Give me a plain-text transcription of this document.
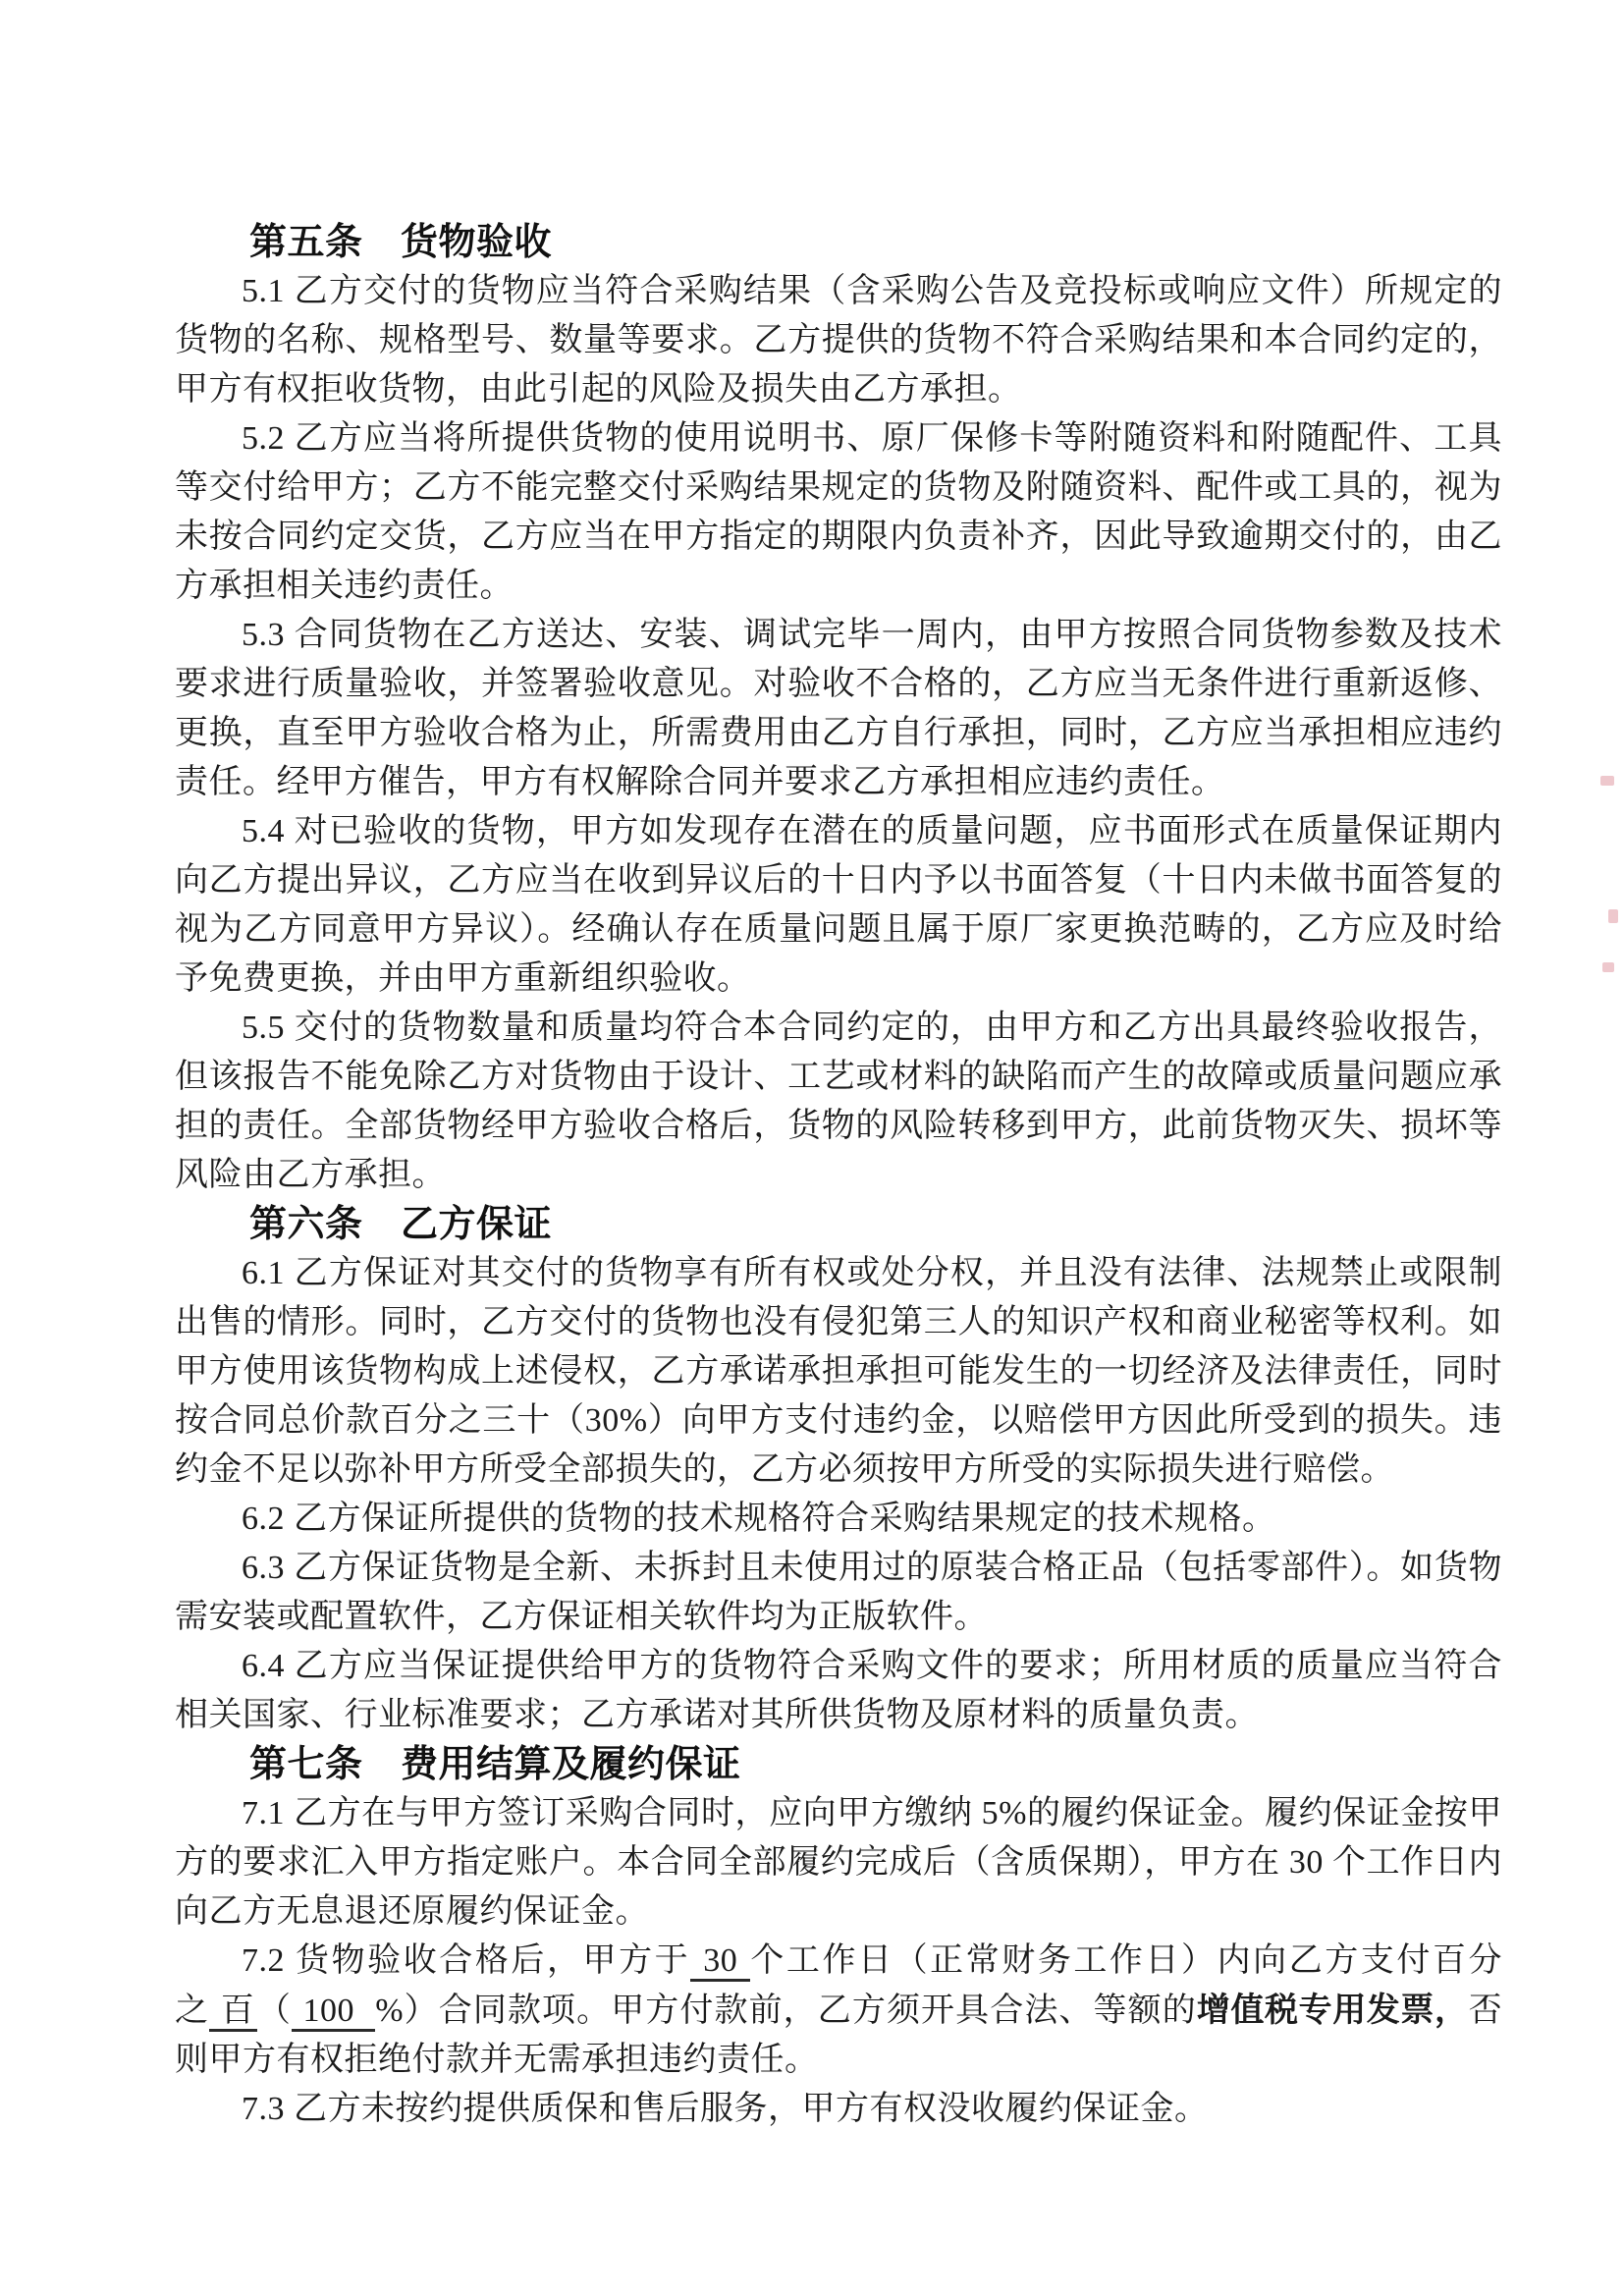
第五条　货物验收

5.1 乙方交付的货物应当符合采购结果（含采购公告及竞投标或响应文件）所规定的货物的名称、规格型号、数量等要求。乙方提供的货物不符合采购结果和本合同约定的，甲方有权拒收货物，由此引起的风险及损失由乙方承担。

5.2 乙方应当将所提供货物的使用说明书、原厂保修卡等附随资料和附随配件、工具等交付给甲方；乙方不能完整交付采购结果规定的货物及附随资料、配件或工具的，视为未按合同约定交货，乙方应当在甲方指定的期限内负责补齐，因此导致逾期交付的，由乙方承担相关违约责任。

5.3 合同货物在乙方送达、安装、调试完毕一周内，由甲方按照合同货物参数及技术要求进行质量验收，并签署验收意见。对验收不合格的，乙方应当无条件进行重新返修、更换，直至甲方验收合格为止，所需费用由乙方自行承担，同时，乙方应当承担相应违约责任。经甲方催告，甲方有权解除合同并要求乙方承担相应违约责任。

5.4 对已验收的货物，甲方如发现存在潜在的质量问题，应书面形式在质量保证期内向乙方提出异议，乙方应当在收到异议后的十日内予以书面答复（十日内未做书面答复的视为乙方同意甲方异议）。经确认存在质量问题且属于原厂家更换范畴的，乙方应及时给予免费更换，并由甲方重新组织验收。

5.5 交付的货物数量和质量均符合本合同约定的，由甲方和乙方出具最终验收报告，但该报告不能免除乙方对货物由于设计、工艺或材料的缺陷而产生的故障或质量问题应承担的责任。全部货物经甲方验收合格后，货物的风险转移到甲方，此前货物灭失、损坏等风险由乙方承担。

第六条　乙方保证

6.1 乙方保证对其交付的货物享有所有权或处分权，并且没有法律、法规禁止或限制出售的情形。同时，乙方交付的货物也没有侵犯第三人的知识产权和商业秘密等权利。如甲方使用该货物构成上述侵权，乙方承诺承担承担可能发生的一切经济及法律责任，同时按合同总价款百分之三十（30%）向甲方支付违约金，以赔偿甲方因此所受到的损失。违约金不足以弥补甲方所受全部损失的，乙方必须按甲方所受的实际损失进行赔偿。

6.2 乙方保证所提供的货物的技术规格符合采购结果规定的技术规格。

6.3 乙方保证货物是全新、未拆封且未使用过的原装合格正品（包括零部件）。如货物需安装或配置软件，乙方保证相关软件均为正版软件。

6.4 乙方应当保证提供给甲方的货物符合采购文件的要求；所用材质的质量应当符合相关国家、行业标准要求；乙方承诺对其所供货物及原材料的质量负责。

第七条　费用结算及履约保证

7.1 乙方在与甲方签订采购合同时，应向甲方缴纳 5%的履约保证金。履约保证金按甲方的要求汇入甲方指定账户。本合同全部履约完成后（含质保期），甲方在 30 个工作日内向乙方无息退还原履约保证金。

7.2 货物验收合格后，甲方于 30 个工作日（正常财务工作日）内向乙方支付百分之 百（ 100  %）合同款项。甲方付款前，乙方须开具合法、等额的增值税专用发票，否则甲方有权拒绝付款并无需承担违约责任。

7.3 乙方未按约提供质保和售后服务，甲方有权没收履约保证金。
